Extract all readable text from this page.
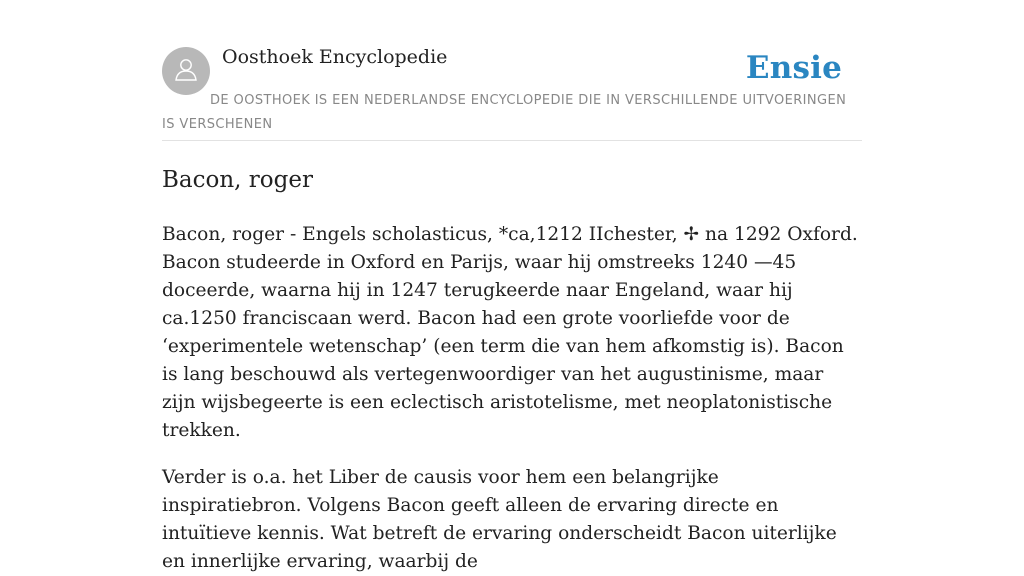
Oosthoek Encyclopedie	Ensie
DE OOSTHOEK IS EEN NEDERLANDSE ENCYCLOPEDIE DIE IN VERSCHILLENDE UITVOERINGEN IS VERSCHENEN
Bacon, roger

Bacon, roger - Engels scholasticus, *ca,1212 IIchester, ✢ na 1292 Oxford. Bacon studeerde in Oxford en Parijs, waar hij omstreeks 1240 —45 doceerde, waarna hij in 1247 terugkeerde naar Engeland, waar hij ca.1250 franciscaan werd. Bacon had een grote voorliefde voor de ‘experimentele wetenschap’ (een term die van hem afkomstig is). Bacon is lang beschouwd als vertegenwoordiger van het augustinisme, maar zijn wijsbegeerte is een eclectisch aristotelisme, met neoplatonistische trekken.

Verder is o.a. het Liber de causis voor hem een belangrijke inspiratiebron. Volgens Bacon geeft alleen de ervaring directe en intuïtieve kennis. Wat betreft de ervaring onderscheidt Bacon uiterlijke en innerlijke ervaring, waarbij de
